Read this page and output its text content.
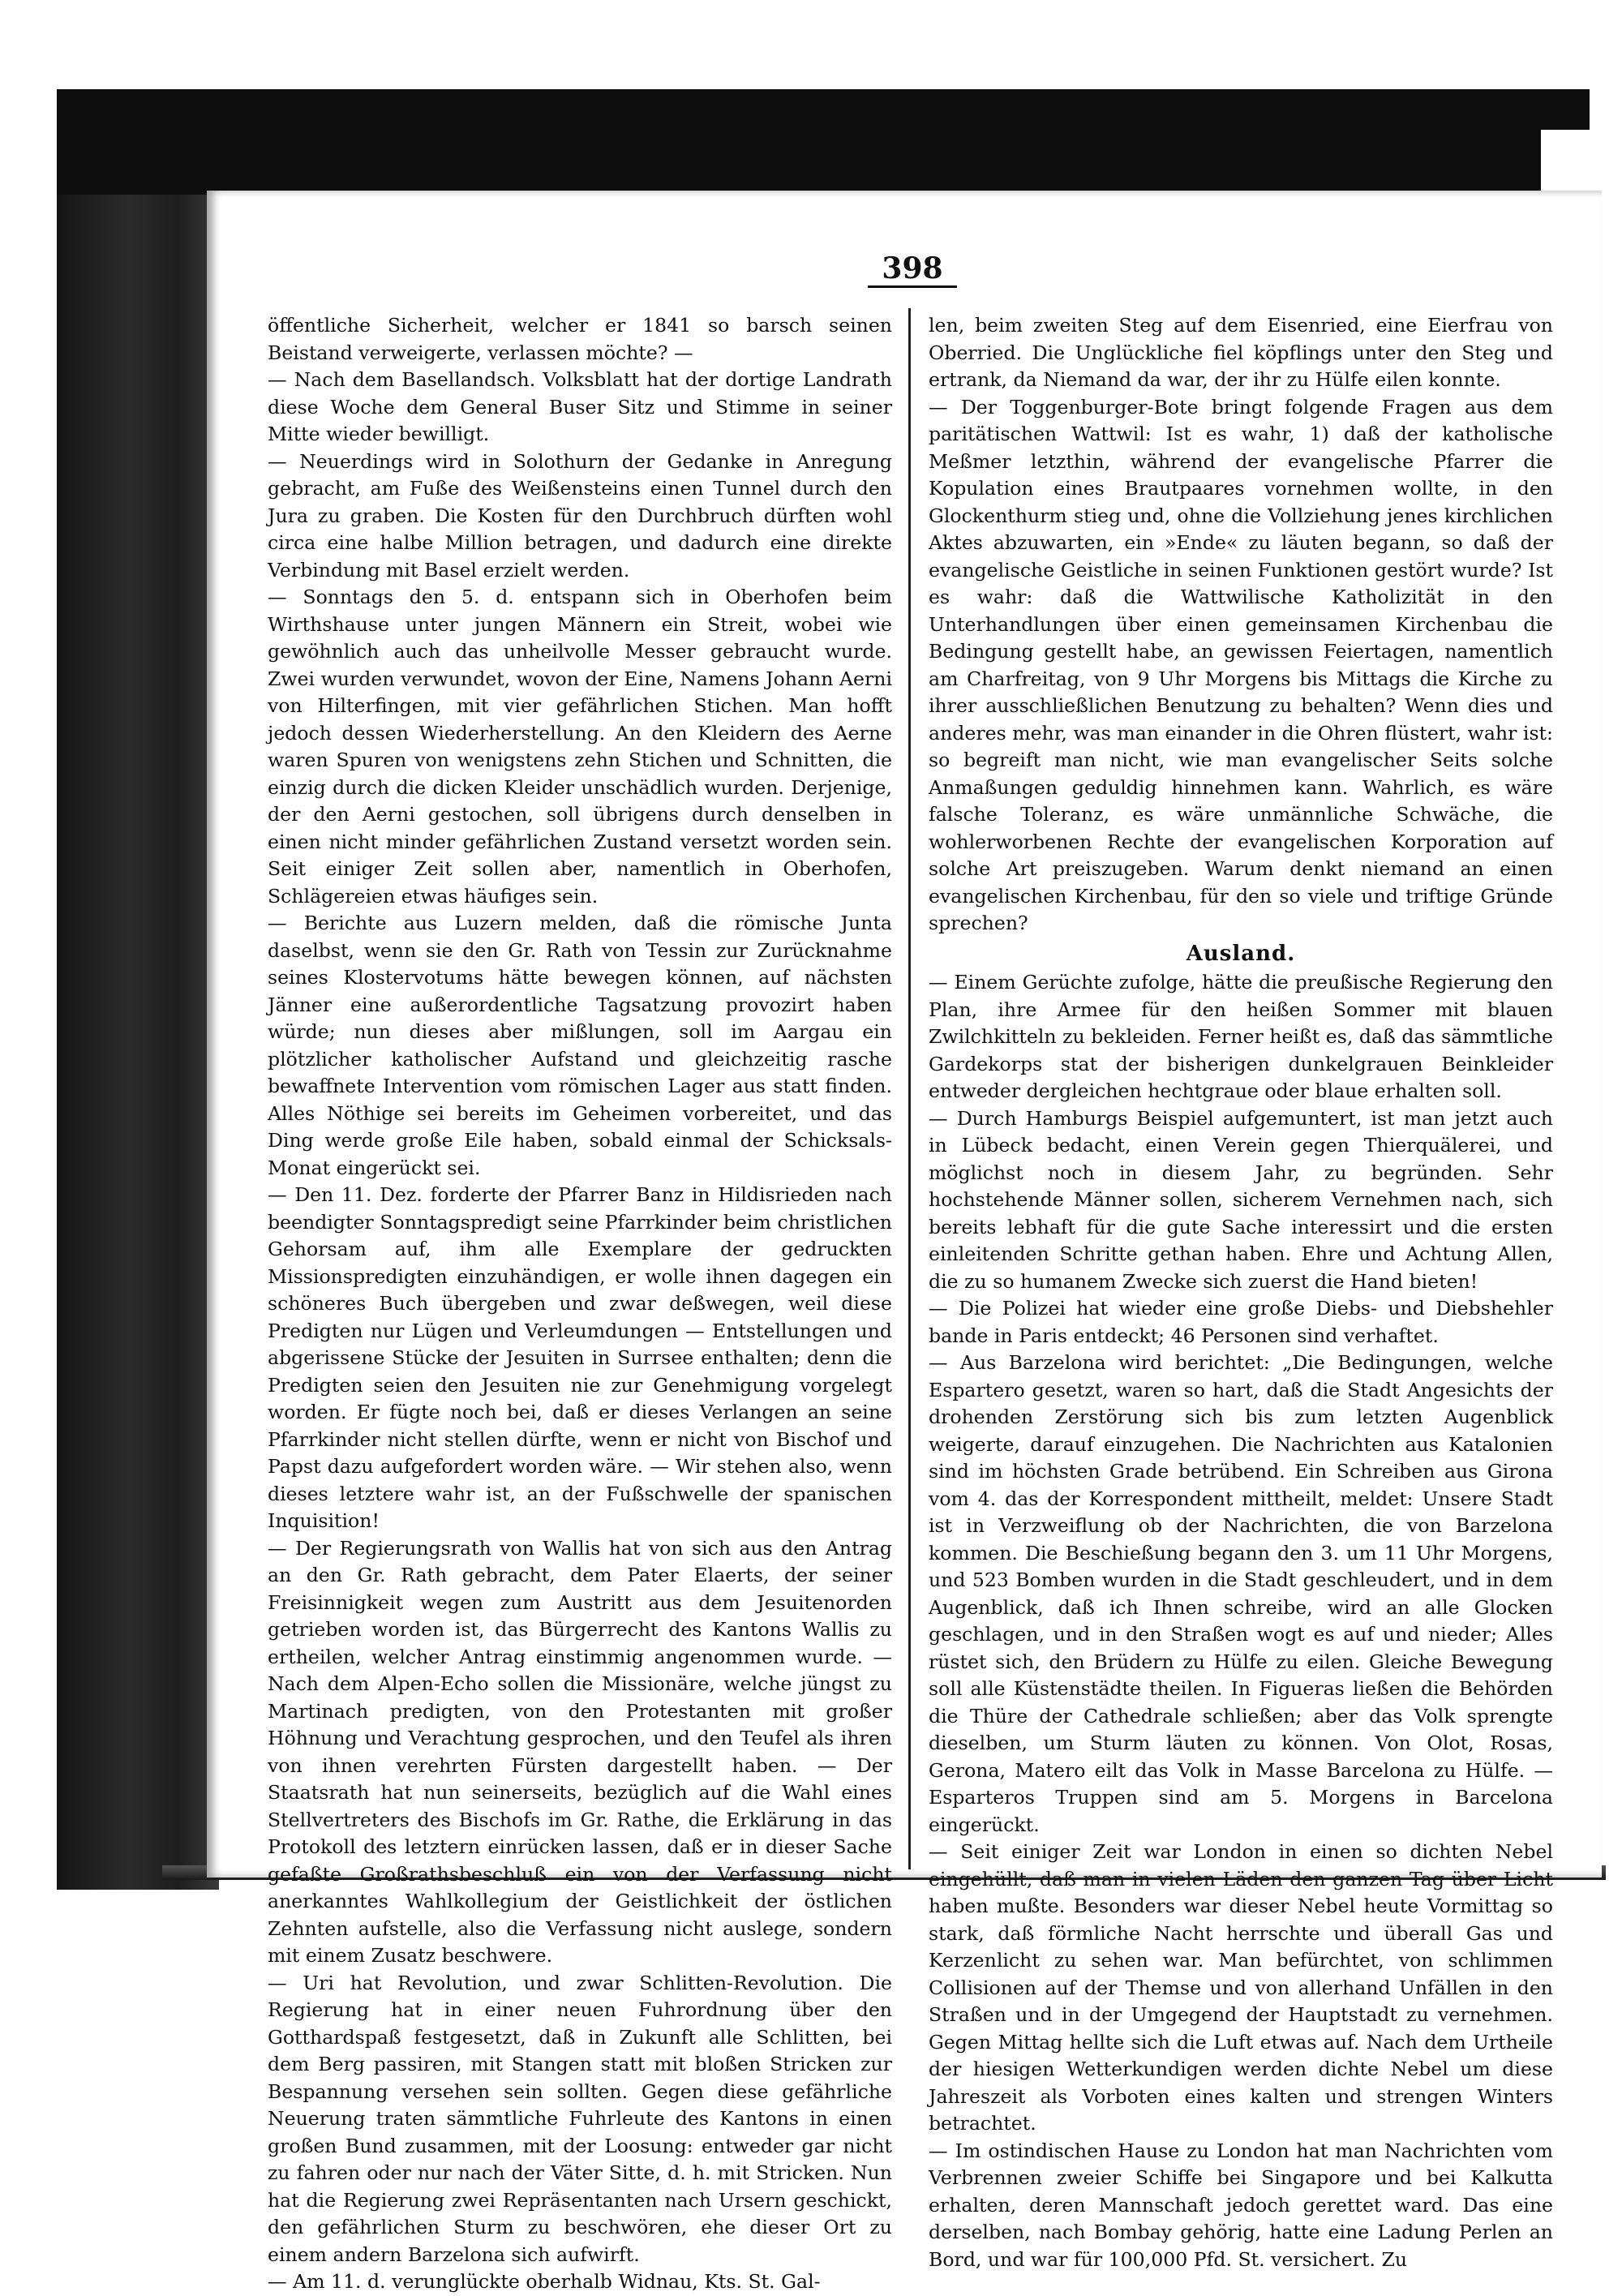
398

öffentliche Sicherheit, welcher er 1841 so barsch seinen Beistand verweigerte, verlassen möchte? —

— Nach dem Basellandsch. Volksblatt hat der dortige Landrath diese Woche dem General Buser Sitz und Stimme in seiner Mitte wieder bewilligt.

— Neuerdings wird in Solothurn der Gedanke in Anregung gebracht, am Fuße des Weißensteins einen Tunnel durch den Jura zu graben. Die Kosten für den Durchbruch dürften wohl circa eine halbe Million betragen, und dadurch eine direkte Verbindung mit Basel erzielt werden.

— Sonntags den 5. d. entspann sich in Oberhofen beim Wirthshause unter jungen Männern ein Streit, wobei wie gewöhnlich auch das unheilvolle Messer gebraucht wurde. Zwei wurden verwundet, wovon der Eine, Namens Johann Aerni von Hilterfingen, mit vier gefährlichen Stichen. Man hofft jedoch dessen Wiederherstellung. An den Kleidern des Aerne waren Spuren von wenigstens zehn Stichen und Schnitten, die einzig durch die dicken Kleider unschädlich wurden. Derjenige, der den Aerni gestochen, soll übrigens durch denselben in einen nicht minder gefährlichen Zustand versetzt worden sein. Seit einiger Zeit sollen aber, namentlich in Oberhofen, Schlägereien etwas häufiges sein.

— Berichte aus Luzern melden, daß die römische Junta daselbst, wenn sie den Gr. Rath von Tessin zur Zurücknahme seines Klostervotums hätte bewegen können, auf nächsten Jänner eine außerordentliche Tagsatzung provozirt haben würde; nun dieses aber mißlungen, soll im Aargau ein plötzlicher katholischer Aufstand und gleichzeitig rasche bewaffnete Intervention vom römischen Lager aus statt finden. Alles Nöthige sei bereits im Geheimen vorbereitet, und das Ding werde große Eile haben, sobald einmal der Schicksals-Monat eingerückt sei.

— Den 11. Dez. forderte der Pfarrer Banz in Hildisrieden nach beendigter Sonntagspredigt seine Pfarrkinder beim christlichen Gehorsam auf, ihm alle Exemplare der gedruckten Missionspredigten einzuhändigen, er wolle ihnen dagegen ein schöneres Buch übergeben und zwar deßwegen, weil diese Predigten nur Lügen und Verleumdungen — Entstellungen und abgerissene Stücke der Jesuiten in Surrsee enthalten; denn die Predigten seien den Jesuiten nie zur Genehmigung vorgelegt worden. Er fügte noch bei, daß er dieses Verlangen an seine Pfarrkinder nicht stellen dürfte, wenn er nicht von Bischof und Papst dazu aufgefordert worden wäre. — Wir stehen also, wenn dieses letztere wahr ist, an der Fußschwelle der spanischen Inquisition!

— Der Regierungsrath von Wallis hat von sich aus den Antrag an den Gr. Rath gebracht, dem Pater Elaerts, der seiner Freisinnigkeit wegen zum Austritt aus dem Jesuitenorden getrieben worden ist, das Bürgerrecht des Kantons Wallis zu ertheilen, welcher Antrag einstimmig angenommen wurde. — Nach dem Alpen-Echo sollen die Missionäre, welche jüngst zu Martinach predigten, von den Protestanten mit großer Höhnung und Verachtung gesprochen, und den Teufel als ihren von ihnen verehrten Fürsten dargestellt haben. — Der Staatsrath hat nun seinerseits, bezüglich auf die Wahl eines Stellvertreters des Bischofs im Gr. Rathe, die Erklärung in das Protokoll des letztern einrücken lassen, daß er in dieser Sache gefaßte Großrathsbeschluß ein von der Verfassung nicht anerkanntes Wahlkollegium der Geistlichkeit der östlichen Zehnten aufstelle, also die Verfassung nicht auslege, sondern mit einem Zusatz beschwere.

— Uri hat Revolution, und zwar Schlitten-Revolution. Die Regierung hat in einer neuen Fuhrordnung über den Gotthardspaß festgesetzt, daß in Zukunft alle Schlitten, bei dem Berg passiren, mit Stangen statt mit bloßen Stricken zur Bespannung versehen sein sollten. Gegen diese gefährliche Neuerung traten sämmtliche Fuhrleute des Kantons in einen großen Bund zusammen, mit der Loosung: entweder gar nicht zu fahren oder nur nach der Väter Sitte, d. h. mit Stricken. Nun hat die Regierung zwei Repräsentanten nach Ursern geschickt, den gefährlichen Sturm zu beschwören, ehe dieser Ort zu einem andern Barzelona sich aufwirft.

— Am 11. d. verunglückte oberhalb Widnau, Kts. St. Gal-

len, beim zweiten Steg auf dem Eisenried, eine Eierfrau von Oberried. Die Unglückliche fiel köpflings unter den Steg und ertrank, da Niemand da war, der ihr zu Hülfe eilen konnte.

— Der Toggenburger-Bote bringt folgende Fragen aus dem paritätischen Wattwil: Ist es wahr, 1) daß der katholische Meßmer letzthin, während der evangelische Pfarrer die Kopulation eines Brautpaares vornehmen wollte, in den Glockenthurm stieg und, ohne die Vollziehung jenes kirchlichen Aktes abzuwarten, ein »Ende« zu läuten begann, so daß der evangelische Geistliche in seinen Funktionen gestört wurde? Ist es wahr: daß die Wattwilische Katholizität in den Unterhandlungen über einen gemeinsamen Kirchenbau die Bedingung gestellt habe, an gewissen Feiertagen, namentlich am Charfreitag, von 9 Uhr Morgens bis Mittags die Kirche zu ihrer ausschließlichen Benutzung zu behalten? Wenn dies und anderes mehr, was man einander in die Ohren flüstert, wahr ist: so begreift man nicht, wie man evangelischer Seits solche Anmaßungen geduldig hinnehmen kann. Wahrlich, es wäre falsche Toleranz, es wäre unmännliche Schwäche, die wohlerworbenen Rechte der evangelischen Korporation auf solche Art preiszugeben. Warum denkt niemand an einen evangelischen Kirchenbau, für den so viele und triftige Gründe sprechen?

Ausland.

— Einem Gerüchte zufolge, hätte die preußische Regierung den Plan, ihre Armee für den heißen Sommer mit blauen Zwilchkitteln zu bekleiden. Ferner heißt es, daß das sämmtliche Gardekorps stat der bisherigen dunkelgrauen Beinkleider entweder dergleichen hechtgraue oder blaue erhalten soll.

— Durch Hamburgs Beispiel aufgemuntert, ist man jetzt auch in Lübeck bedacht, einen Verein gegen Thierquälerei, und möglichst noch in diesem Jahr, zu begründen. Sehr hochstehende Männer sollen, sicherem Vernehmen nach, sich bereits lebhaft für die gute Sache interessirt und die ersten einleitenden Schritte gethan haben. Ehre und Achtung Allen, die zu so humanem Zwecke sich zuerst die Hand bieten!

— Die Polizei hat wieder eine große Diebs- und Diebshehler bande in Paris entdeckt; 46 Personen sind verhaftet.

— Aus Barzelona wird berichtet: „Die Bedingungen, welche Espartero gesetzt, waren so hart, daß die Stadt Angesichts der drohenden Zerstörung sich bis zum letzten Augenblick weigerte, darauf einzugehen. Die Nachrichten aus Katalonien sind im höchsten Grade betrübend. Ein Schreiben aus Girona vom 4. das der Korrespondent mittheilt, meldet: Unsere Stadt ist in Verzweiflung ob der Nachrichten, die von Barzelona kommen. Die Beschießung begann den 3. um 11 Uhr Morgens, und 523 Bomben wurden in die Stadt geschleudert, und in dem Augenblick, daß ich Ihnen schreibe, wird an alle Glocken geschlagen, und in den Straßen wogt es auf und nieder; Alles rüstet sich, den Brüdern zu Hülfe zu eilen. Gleiche Bewegung soll alle Küstenstädte theilen. In Figueras ließen die Behörden die Thüre der Cathedrale schließen; aber das Volk sprengte dieselben, um Sturm läuten zu können. Von Olot, Rosas, Gerona, Matero eilt das Volk in Masse Barcelona zu Hülfe. — Esparteros Truppen sind am 5. Morgens in Barcelona eingerückt.

— Seit einiger Zeit war London in einen so dichten Nebel eingehüllt, daß man in vielen Läden den ganzen Tag über Licht haben mußte. Besonders war dieser Nebel heute Vormittag so stark, daß förmliche Nacht herrschte und überall Gas und Kerzenlicht zu sehen war. Man befürchtet, von schlimmen Collisionen auf der Themse und von allerhand Unfällen in den Straßen und in der Umgegend der Hauptstadt zu vernehmen. Gegen Mittag hellte sich die Luft etwas auf. Nach dem Urtheile der hiesigen Wetterkundigen werden dichte Nebel um diese Jahreszeit als Vorboten eines kalten und strengen Winters betrachtet.

— Im ostindischen Hause zu London hat man Nachrichten vom Verbrennen zweier Schiffe bei Singapore und bei Kalkutta erhalten, deren Mannschaft jedoch gerettet ward. Das eine derselben, nach Bombay gehörig, hatte eine Ladung Perlen an Bord, und war für 100,000 Pfd. St. versichert. Zu
